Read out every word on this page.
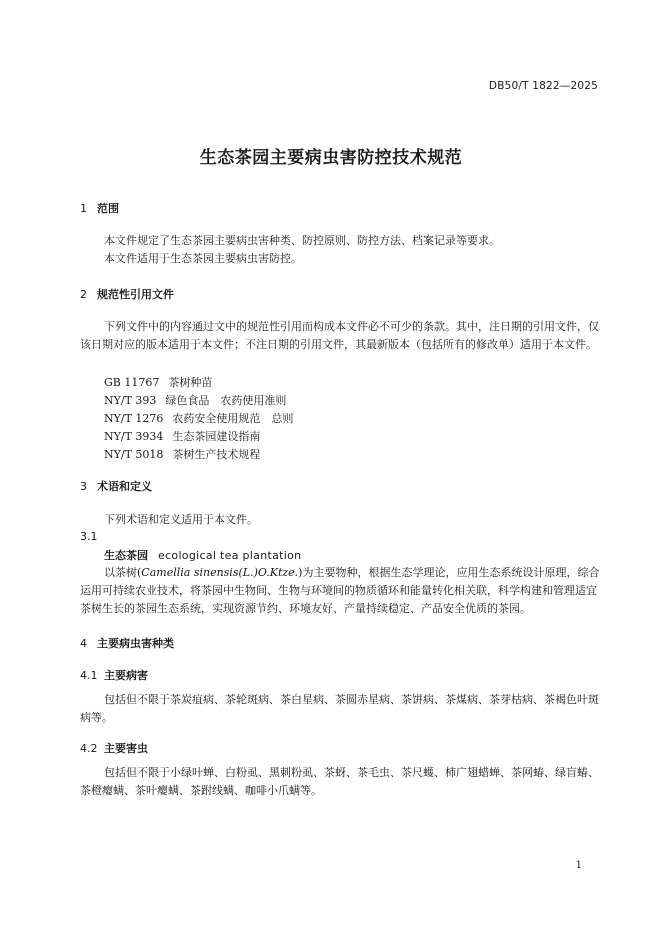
DB50/T 1822—2025
生态茶园主要病虫害防控技术规范
1 范围
本文件规定了生态茶园主要病虫害种类、防控原则、防控方法、档案记录等要求。
本文件适用于生态茶园主要病虫害防控。
2 规范性引用文件
下列文件中的内容通过文中的规范性引用而构成本文件必不可少的条款。其中，注日期的引用文件，仅该日期对应的版本适用于本文件；不注日期的引用文件，其最新版本（包括所有的修改单）适用于本文件。
GB 11767 茶树种苗
NY/T 393 绿色食品　农药使用准则
NY/T 1276 农药安全使用规范　总则
NY/T 3934 生态茶园建设指南
NY/T 5018 茶树生产技术规程
3 术语和定义
下列术语和定义适用于本文件。
3.1
生态茶园 ecological tea plantation
以茶树(Camellia sinensis(L.)O.Ktze.)为主要物种，根据生态学理论，应用生态系统设计原理，综合运用可持续农业技术，将茶园中生物间、生物与环境间的物质循环和能量转化相关联，科学构建和管理适宜茶树生长的茶园生态系统，实现资源节约、环境友好、产量持续稳定、产品安全优质的茶园。
4 主要病虫害种类
4.1 主要病害
包括但不限于茶炭疽病、茶轮斑病、茶白星病、茶圆赤星病、茶饼病、茶煤病、茶芽枯病、茶褐色叶斑病等。
4.2 主要害虫
包括但不限于小绿叶蝉、白粉虱、黑刺粉虱、茶蚜、茶毛虫、茶尺蠖、柿广翅蜡蝉、茶网蝽、绿盲蝽、茶橙瘿螨、茶叶瘿螨、茶跗线螨、咖啡小爪螨等。
1
